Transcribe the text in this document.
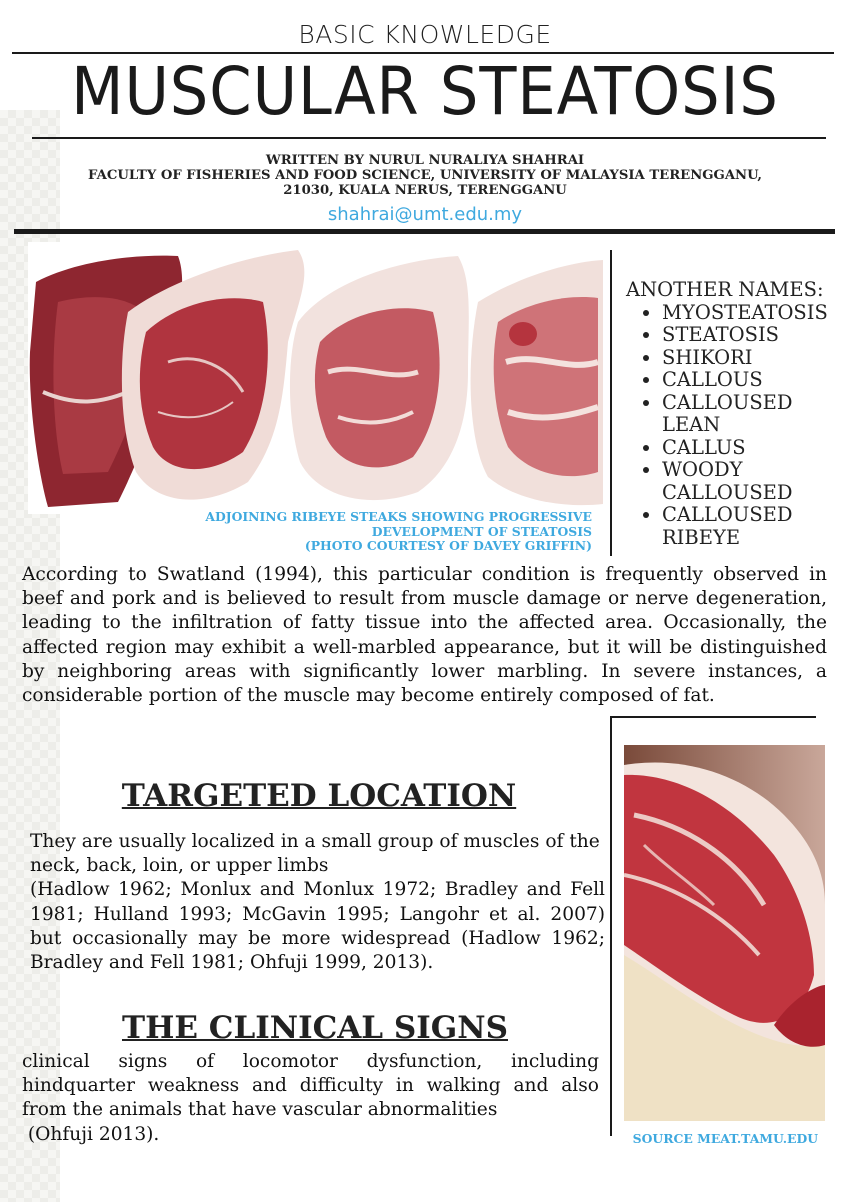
BASIC KNOWLEDGE
MUSCULAR STEATOSIS
WRITTEN BY NURUL NURALIYA SHAHRAI
FACULTY OF FISHERIES AND FOOD SCIENCE, UNIVERSITY OF MALAYSIA TERENGGANU,
21030, KUALA NERUS, TERENGGANU
shahrai@umt.edu.my
ADJOINING RIBEYE STEAKS SHOWING PROGRESSIVE
DEVELOPMENT OF STEATOSIS
(PHOTO COURTESY OF DAVEY GRIFFIN)
ANOTHER NAMES:
• MYOSTEATOSIS
• STEATOSIS
• SHIKORI
• CALLOUS
• CALLOUSED LEAN
• CALLUS
• WOODY CALLOUSED
• CALLOUSED RIBEYE
According to Swatland (1994), this particular condition is frequently observed in beef and pork and is believed to result from muscle damage or nerve degeneration, leading to the infiltration of fatty tissue into the affected area. Occasionally, the affected region may exhibit a well-marbled appearance, but it will be distinguished by neighboring areas with significantly lower marbling. In severe instances, a considerable portion of the muscle may become entirely composed of fat.
TARGETED LOCATION
They are usually localized in a small group of muscles of the neck, back, loin, or upper limbs
(Hadlow 1962; Monlux and Monlux 1972; Bradley and Fell 1981; Hulland 1993; McGavin 1995; Langohr et al. 2007) but occasionally may be more widespread (Hadlow 1962; Bradley and Fell 1981; Ohfuji 1999, 2013).
THE CLINICAL SIGNS
clinical signs of locomotor dysfunction, including hindquarter weakness and difficulty in walking and also from the animals that have vascular abnormalities
(Ohfuji 2013).	SOURCE MEAT.TAMU.EDU
